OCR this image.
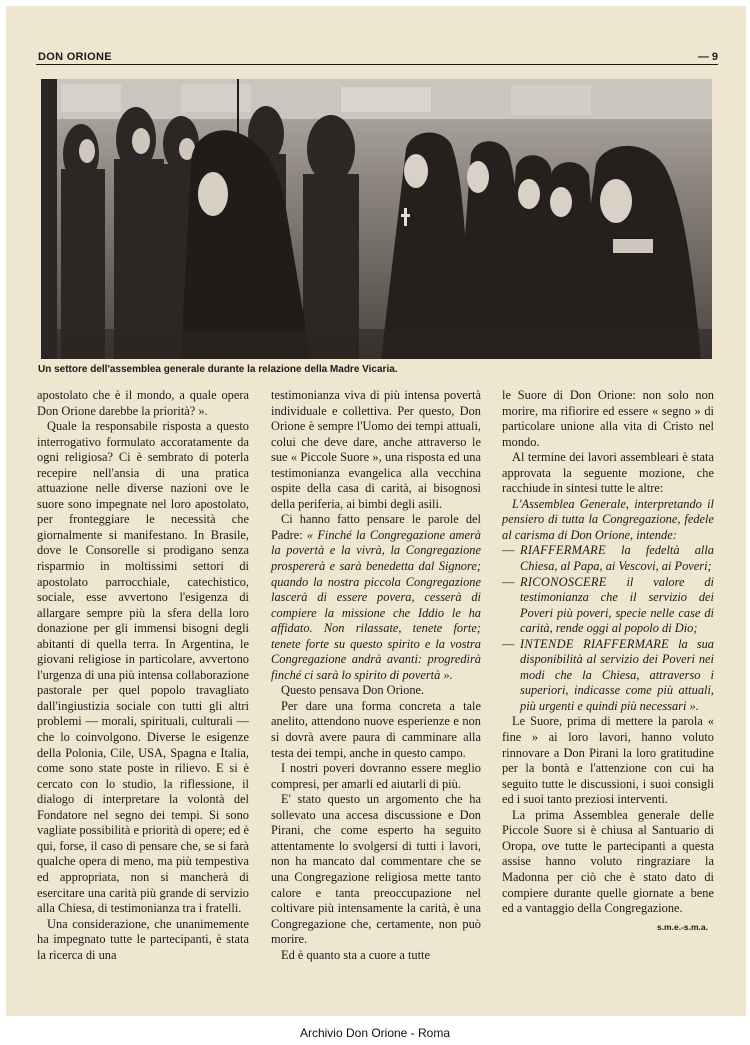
DON ORIONE	— 9
Un settore dell'assemblea generale durante la relazione della Madre Vicaria.

apostolato che è il mondo, a quale opera Don Orione darebbe la priorità? ».

Quale la responsabile risposta a questo interrogativo formulato accoratamente da ogni religiosa? Ci è sembrato di poterla recepire nell'ansia di una pratica attuazione nelle diverse nazioni ove le suore sono impegnate nel loro apostolato, per fronteggiare le necessità che giornalmente si manifestano. In Brasile, dove le Consorelle si prodigano senza risparmio in moltissimi settori di apostolato parrocchiale, catechistico, sociale, esse avvertono l'esigenza di allargare sempre più la sfera della loro donazione per gli immensi bisogni degli abitanti di quella terra. In Argentina, le giovani religiose in particolare, avvertono l'urgenza di una più intensa collaborazione pastorale per quel popolo travagliato dall'ingiustizia sociale con tutti gli altri problemi — morali, spirituali, culturali — che lo coinvolgono. Diverse le esigenze della Polonia, Cile, USA, Spagna e Italia, come sono state poste in rilievo. E si è cercato con lo studio, la riflessione, il dialogo di interpretare la volontà del Fondatore nel segno dei tempi. Si sono vagliate possibilità e priorità di opere; ed è qui, forse, il caso di pensare che, se si farà qualche opera di meno, ma più tempestiva ed appropriata, non si mancherà di esercitare una carità più grande di servizio alla Chiesa, di testimonianza tra i fratelli.

Una considerazione, che unanimemente ha impegnato tutte le partecipanti, è stata la ricerca di una

testimonianza viva di più intensa povertà individuale e collettiva. Per questo, Don Orione è sempre l'Uomo dei tempi attuali, colui che deve dare, anche attraverso le sue « Piccole Suore », una risposta ed una testimonianza evangelica alla vecchina ospite della casa di carità, ai bisognosi della periferia, ai bimbi degli asili.

Ci hanno fatto pensare le parole del Padre: « Finché la Congregazione amerà la povertà e la vivrà, la Congregazione prospererà e sarà benedetta dal Signore; quando la nostra piccola Congregazione lascerà di essere povera, cesserà di compiere la missione che Iddio le ha affidato. Non rilassate, tenete forte; tenete forte su questo spirito e la vostra Congregazione andrà avanti: progredirà finché ci sarà lo spirito di povertà ».

Questo pensava Don Orione.

Per dare una forma concreta a tale anelito, attendono nuove esperienze e non si dovrà avere paura di camminare alla testa dei tempi, anche in questo campo.

I nostri poveri dovranno essere meglio compresi, per amarli ed aiutarli di più.

E' stato questo un argomento che ha sollevato una accesa discussione e Don Pirani, che come esperto ha seguito attentamente lo svolgersi di tutti i lavori, non ha mancato dal commentare che se una Congregazione religiosa mette tanto calore e tanta preoccupazione nel coltivare più intensamente la carità, è una Congregazione che, certamente, non può morire.

Ed è quanto sta a cuore a tutte

le Suore di Don Orione: non solo non morire, ma rifiorire ed essere « segno » di particolare unione alla vita di Cristo nel mondo.

Al termine dei lavori assembleari è stata approvata la seguente mozione, che racchiude in sintesi tutte le altre:

L'Assemblea Generale, interpretando il pensiero di tutta la Congregazione, fedele al carisma di Don Orione, intende:

— RIAFFERMARE la fedeltà alla Chiesa, al Papa, ai Vescovi, ai Poveri;
— RICONOSCERE il valore di testimonianza che il servizio dei Poveri più poveri, specie nelle case di carità, rende oggi al popolo di Dio;
— INTENDE RIAFFERMARE la sua disponibilità al servizio dei Poveri nei modi che la Chiesa, attraverso i superiori, indicasse come più attuali, più urgenti e quindi più necessari ».

Le Suore, prima di mettere la parola « fine » ai loro lavori, hanno voluto rinnovare a Don Pirani la loro gratitudine per la bontà e l'attenzione con cui ha seguito tutte le discussioni, i suoi consigli ed i suoi tanto preziosi interventi.

La prima Assemblea generale delle Piccole Suore si è chiusa al Santuario di Oropa, ove tutte le partecipanti a questa assise hanno voluto ringraziare la Madonna per ciò che è stato dato di compiere durante quelle giornate a bene ed a vantaggio della Congregazione.

s.m.e.-s.m.a.
Archivio Don Orione - Roma
